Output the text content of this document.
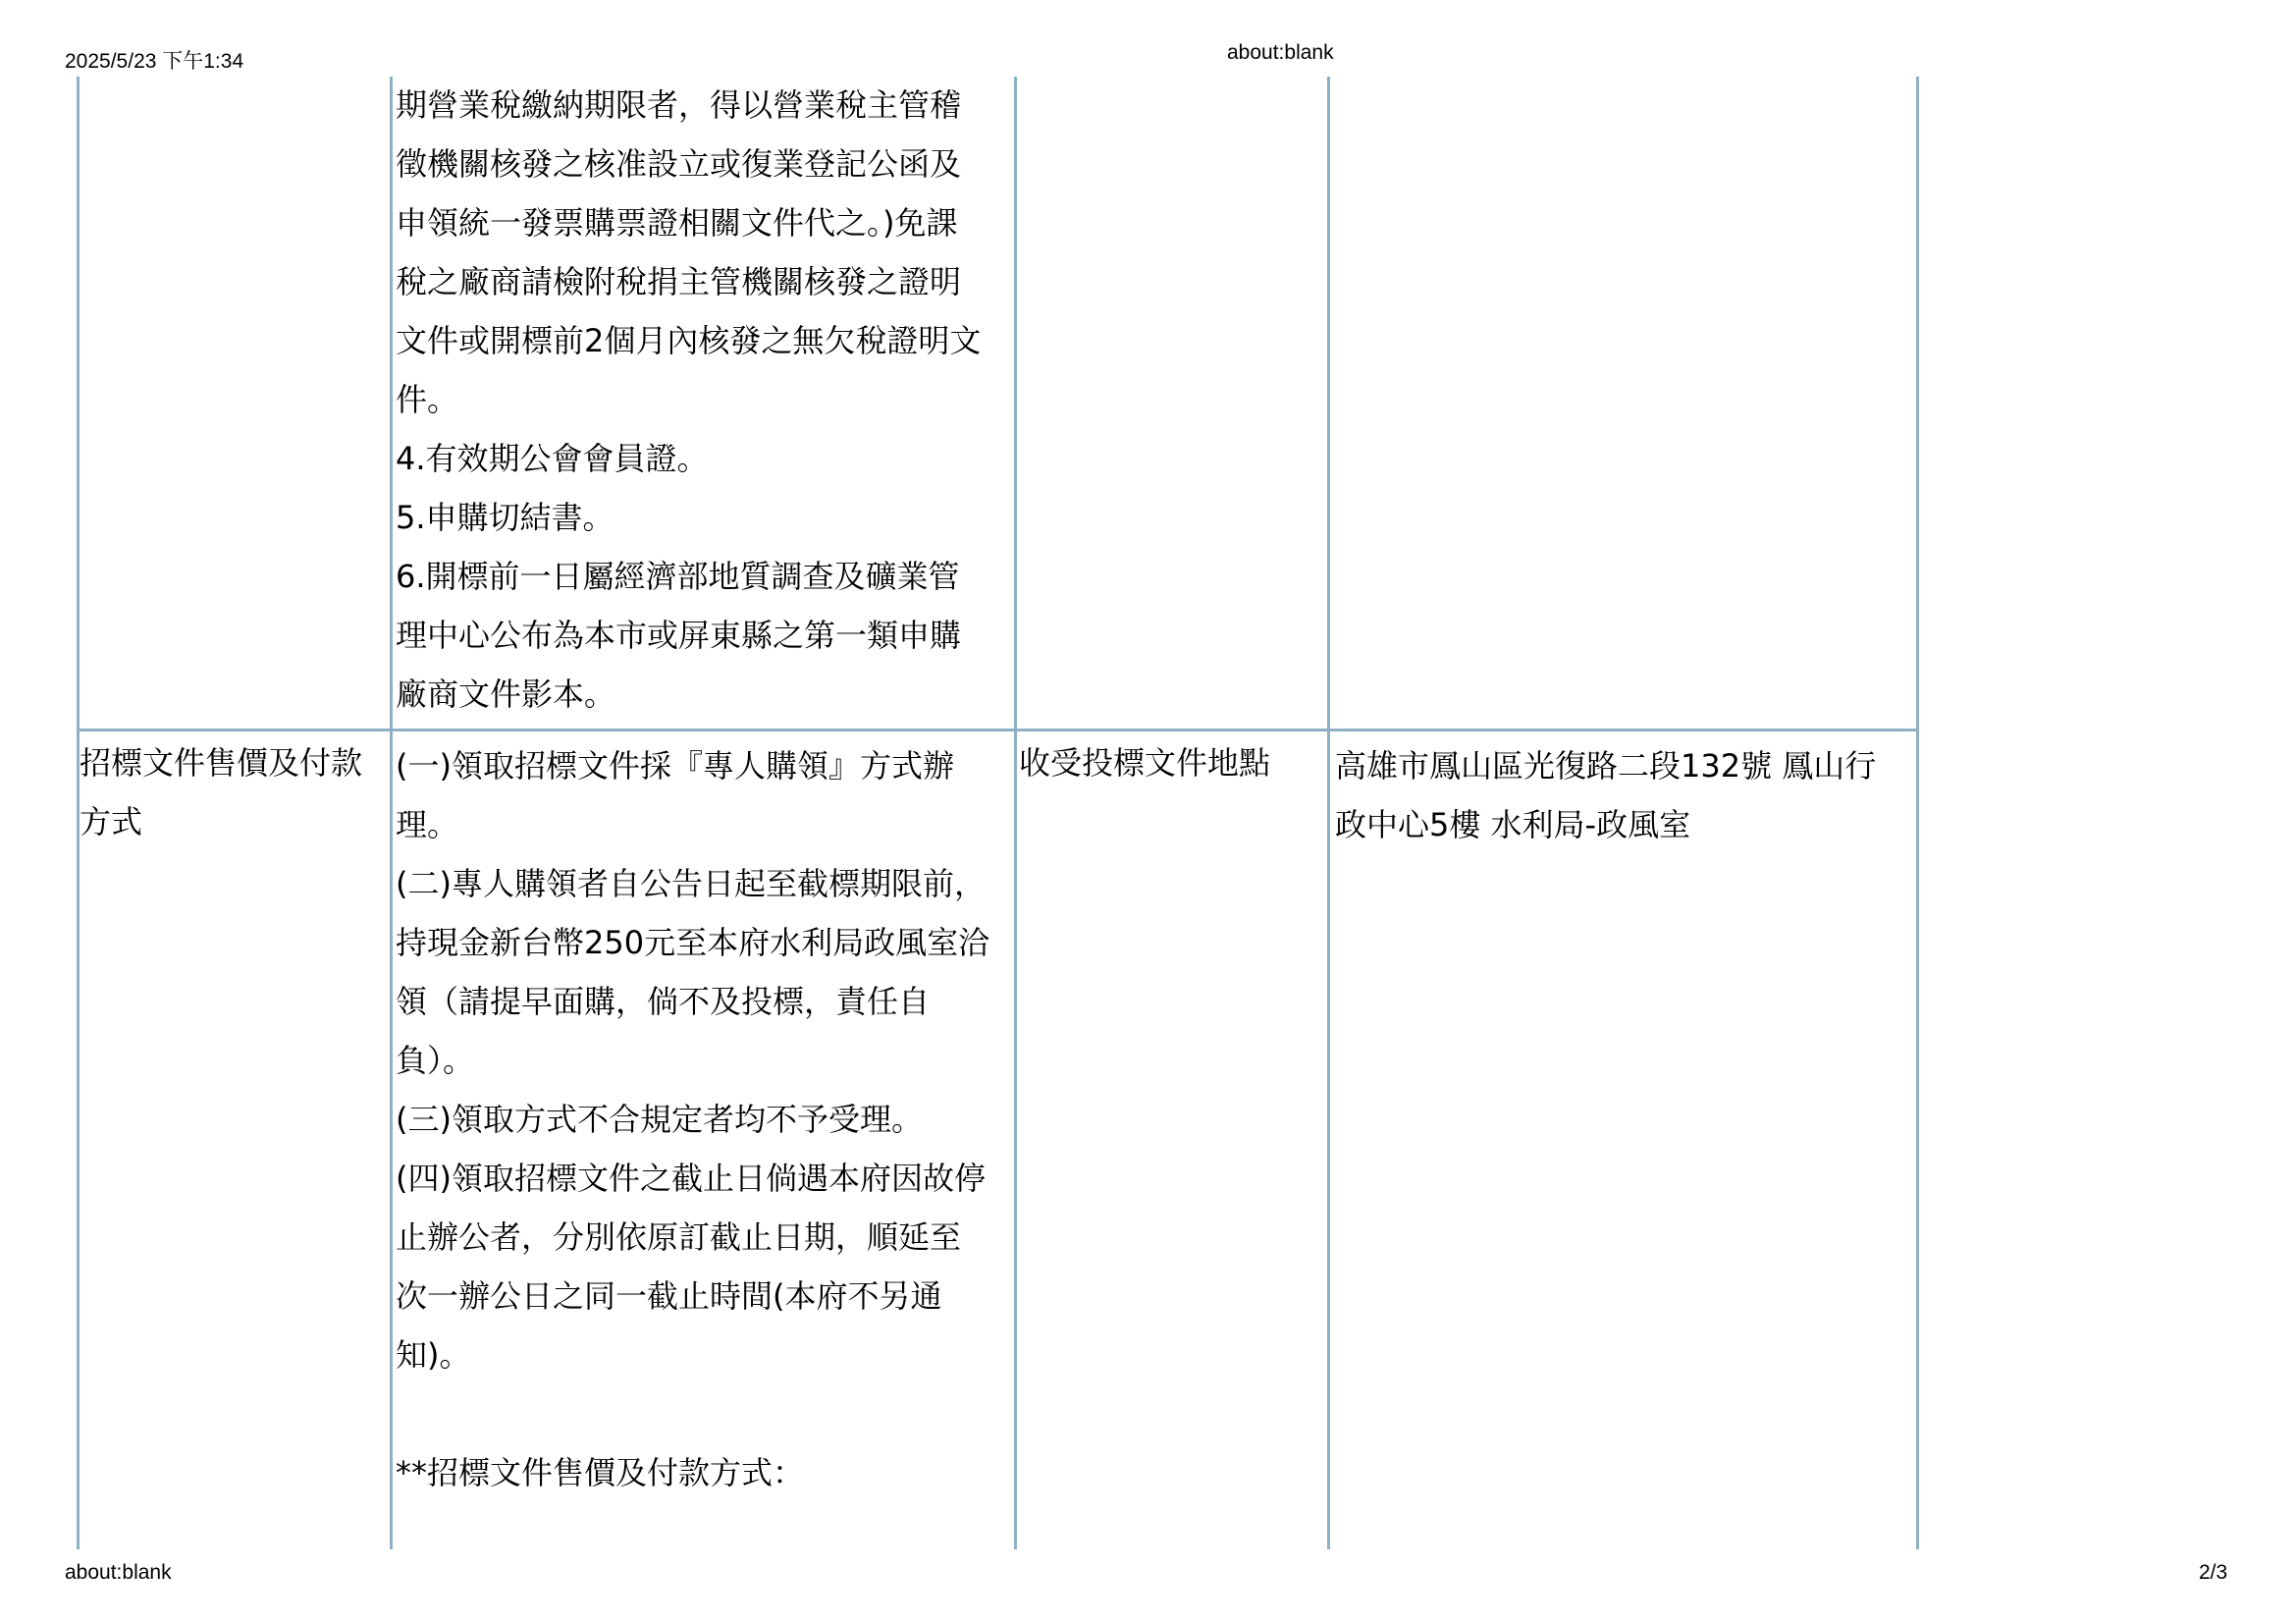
2025/5/23 下午1:34	about:blank
期營業稅繳納期限者，得以營業稅主管稽
徵機關核發之核准設立或復業登記公函及
申領統一發票購票證相關文件代之。)免課
稅之廠商請檢附稅捐主管機關核發之證明
文件或開標前2個月內核發之無欠稅證明文
件。
4.有效期公會會員證。
5.申購切結書。
6.開標前一日屬經濟部地質調查及礦業管
理中心公布為本市或屏東縣之第一類申購
廠商文件影本。
招標文件售價及付款
方式
(一)領取招標文件採『專人購領』方式辦
理。
(二)專人購領者自公告日起至截標期限前，
持現金新台幣250元至本府水利局政風室洽
領（請提早面購，倘不及投標，責任自
負）。
(三)領取方式不合規定者均不予受理。
(四)領取招標文件之截止日倘遇本府因故停
止辦公者，分別依原訂截止日期，順延至
次一辦公日之同一截止時間(本府不另通
知)。
**招標文件售價及付款方式：
收受投標文件地點 高雄市鳳山區光復路二段132號 鳳山行
政中心5樓 水利局-政風室
about:blank	2/3
